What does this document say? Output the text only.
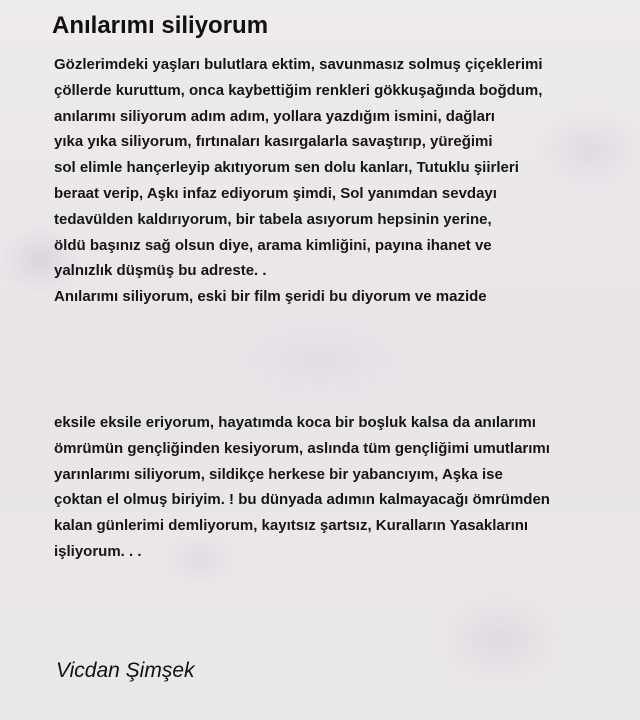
Anılarımı siliyorum

Gözlerimdeki yaşları bulutlara ektim, savunmasız solmuş çiçeklerimi
çöllerde kuruttum, onca kaybettiğim renkleri gökkuşağında boğdum,
anılarımı siliyorum adım adım, yollara yazdığım ismini, dağları
yıka yıka siliyorum, fırtınaları kasırgalarla savaştırıp, yüreğimi
sol elimle hançerleyip akıtıyorum sen dolu kanları, Tutuklu şiirleri
beraat verip, Aşkı infaz ediyorum şimdi, Sol yanımdan sevdayı
tedavülden kaldırıyorum, bir tabela asıyorum hepsinin yerine,
öldü başınız sağ olsun diye, arama kimliğini, payına ihanet ve
yalnızlık düşmüş bu adreste. .
Anılarımı siliyorum, eski bir film şeridi bu diyorum ve mazide

eksile eksile eriyorum, hayatımda koca bir boşluk kalsa da anılarımı
ömrümün gençliğinden kesiyorum, aslında tüm gençliğimi umutlarımı
yarınlarımı siliyorum, sildikçe herkese bir yabancıyım, Aşka ise
çoktan el olmuş biriyim. ! bu dünyada adımın kalmayacağı ömrümden
kalan günlerimi demliyorum, kayıtsız şartsız, Kuralların Yasaklarını
işliyorum. . .

Vicdan Şimşek
